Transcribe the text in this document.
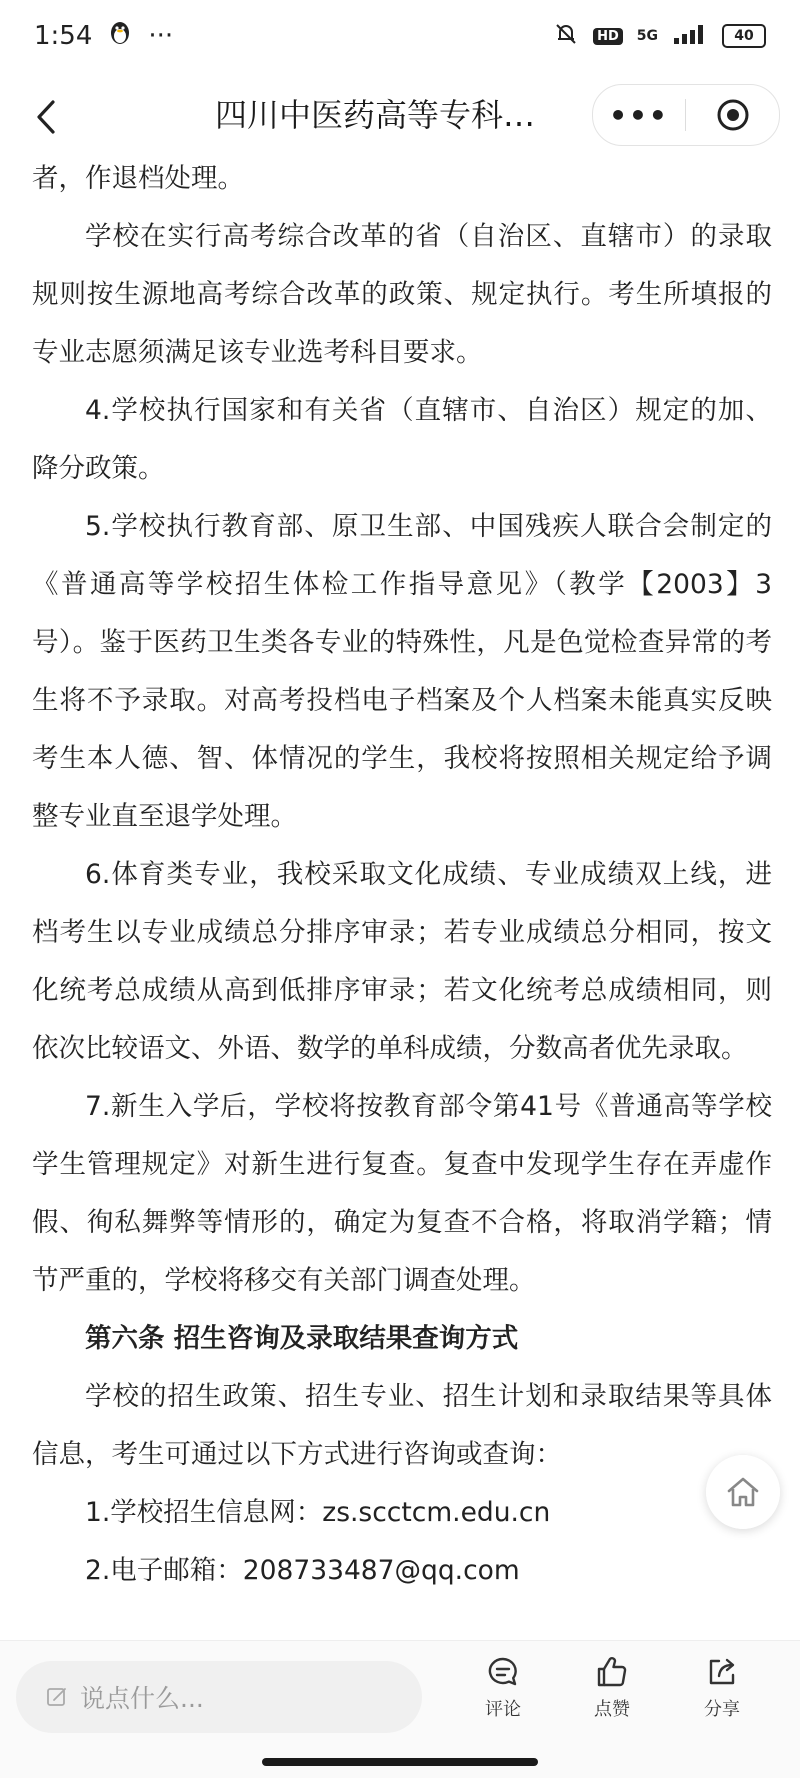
1:54 ···	HD 5G	40
四川中医药高等专科…	•••

者，作退档处理。

学校在实行高考综合改革的省（自治区、直辖市）的录取规则按生源地高考综合改革的政策、规定执行。考生所填报的专业志愿须满足该专业选考科目要求。

4.学校执行国家和有关省（直辖市、自治区）规定的加、降分政策。

5.学校执行教育部、原卫生部、中国残疾人联合会制定的《普通高等学校招生体检工作指导意见》（教学【2003】3号）。鉴于医药卫生类各专业的特殊性，凡是色觉检查异常的考生将不予录取。对高考投档电子档案及个人档案未能真实反映考生本人德、智、体情况的学生，我校将按照相关规定给予调整专业直至退学处理。

6.体育类专业，我校采取文化成绩、专业成绩双上线，进档考生以专业成绩总分排序审录；若专业成绩总分相同，按文化统考总成绩从高到低排序审录；若文化统考总成绩相同，则依次比较语文、外语、数学的单科成绩，分数高者优先录取。

7.新生入学后，学校将按教育部令第41号《普通高等学校学生管理规定》对新生进行复查。复查中发现学生存在弄虚作假、徇私舞弊等情形的，确定为复查不合格，将取消学籍；情节严重的，学校将移交有关部门调查处理。

第六条 招生咨询及录取结果查询方式

学校的招生政策、招生专业、招生计划和录取结果等具体信息，考生可通过以下方式进行咨询或查询：

1.学校招生信息网：zs.scctcm.edu.cn

2.电子邮箱：208733487@qq.com

说点什么...	评论	点赞	分享
